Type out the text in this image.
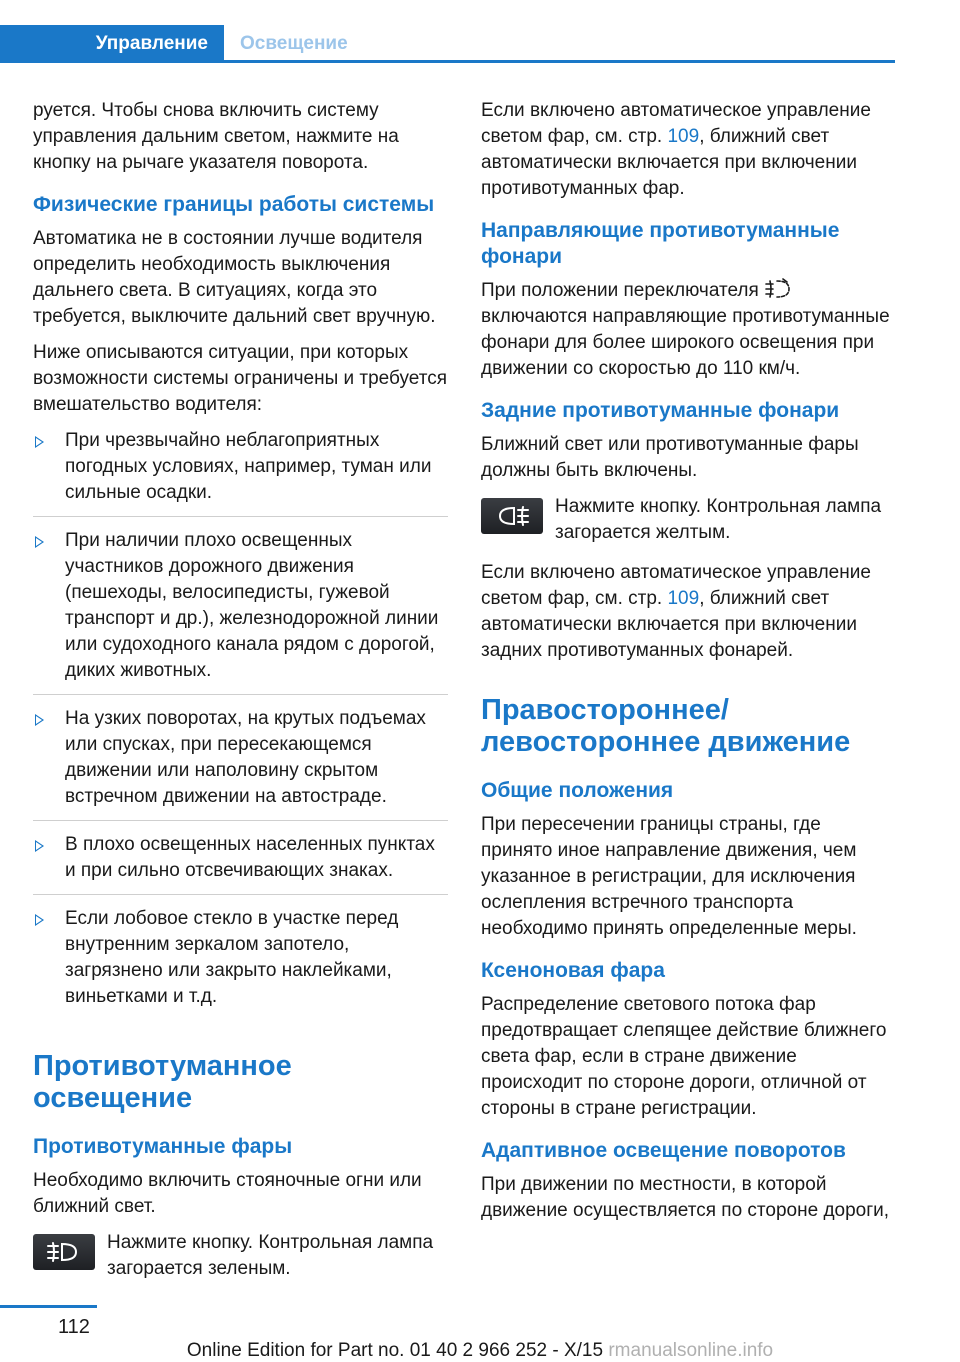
Управление	Освещение

руется. Чтобы снова включить систему управления дальним светом, нажмите на кнопку на рычаге указателя поворота.

Физические границы работы системы

Автоматика не в состоянии лучше водителя определить необходимость выключения дальнего света. В ситуациях, когда это требуется, выключите дальний свет вручную.

Ниже описываются ситуации, при которых возможности системы ограничены и требуется вмешательство водителя:

При чрезвычайно неблагоприятных погодных условиях, например, туман или сильные осадки.
При наличии плохо освещенных участников дорожного движения (пешеходы, велосипедисты, гужевой транспорт и др.), железнодорожной линии или судоходного канала рядом с дорогой, диких животных.
На узких поворотах, на крутых подъемах или спусках, при пересекающемся движении или наполовину скрытом встречном движении на автостраде.
В плохо освещенных населенных пунктах и при сильно отсвечивающих знаках.
Если лобовое стекло в участке перед внутренним зеркалом запотело, загрязнено или закрыто наклейками, виньетками и т.д.
Противотуманное освещение
Противотуманные фары

Необходимо включить стояночные огни или ближний свет.

Нажмите кнопку. Контрольная лампа загорается зеленым.

Если включено автоматическое управление светом фар, см. стр. 109, ближний свет автоматически включается при включении противотуманных фар.

Направляющие противотуманные фонари

При положении переключателявключаются направляющие противотуманные фонари для более широкого освещения при движении со скоростью до 110 км/ч.

Задние противотуманные фонари

Ближний свет или противотуманные фары должны быть включены.

Нажмите кнопку. Контрольная лампа загорается желтым.

Если включено автоматическое управление светом фар, см. стр. 109, ближний свет автоматически включается при включении задних противотуманных фонарей.

Правостороннее/ левостороннее движение
Общие положения

При пересечении границы страны, где принято иное направление движения, чем указанное в регистрации, для исключения ослепления встречного транспорта необходимо принять определенные меры.

Ксеноновая фара

Распределение светового потока фар предотвращает слепящее действие ближнего света фар, если в стране движение происходит по стороне дороги, отличной от стороны в стране регистрации.

Адаптивное освещение поворотов

При движении по местности, в которой движение осуществляется по стороне дороги,

112
Online Edition for Part no. 01 40 2 966 252 - X/15 rmanualsonline.info
